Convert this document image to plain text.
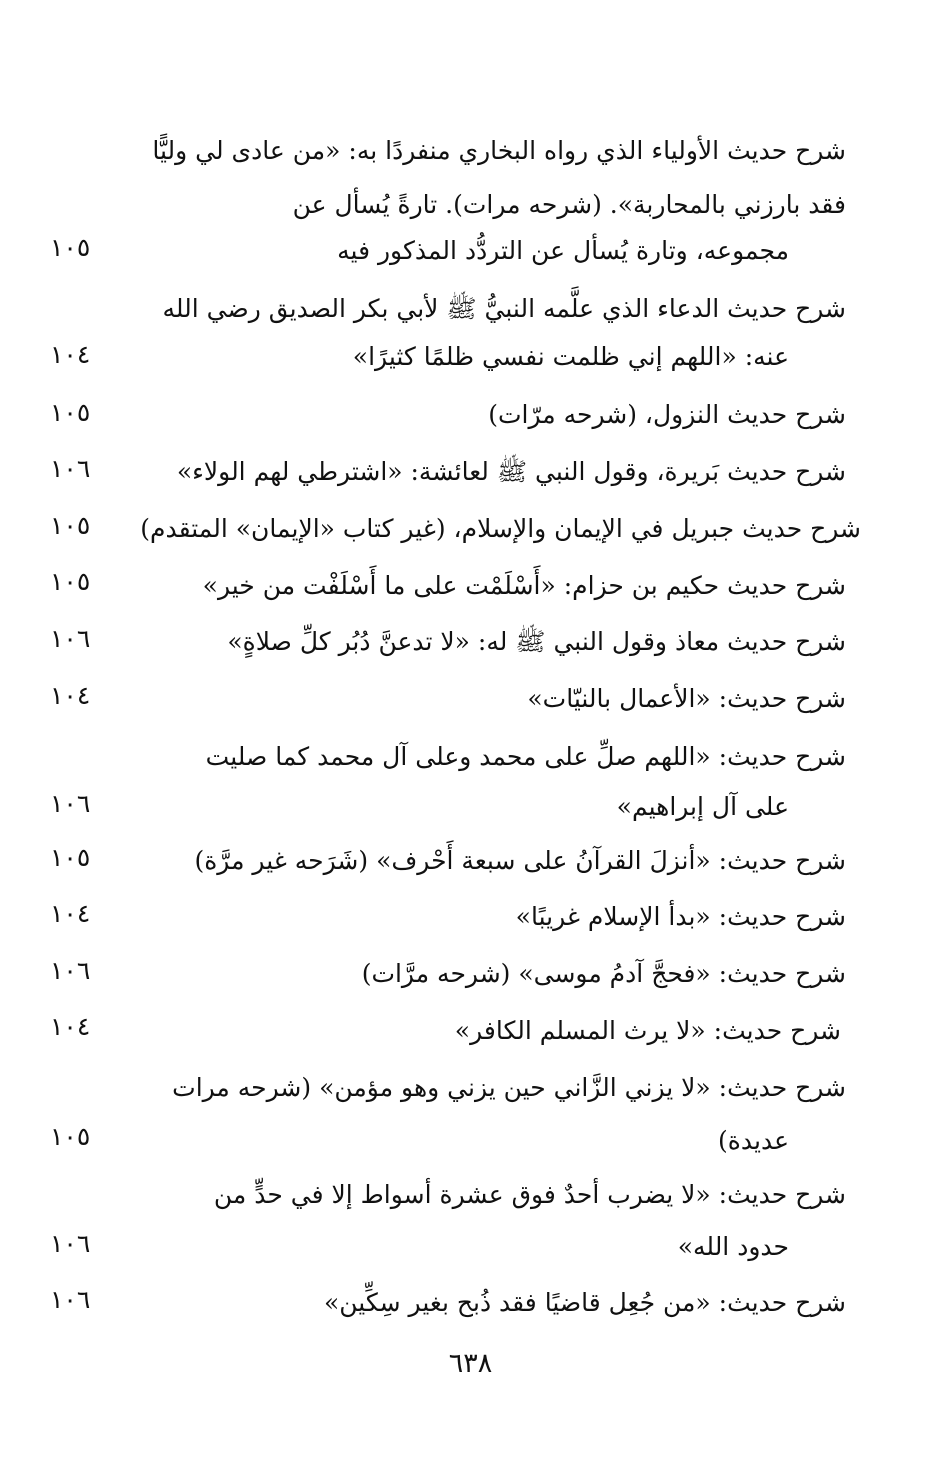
شرح حديث الأولياء الذي رواه البخاري منفردًا به: «من عادى لي وليًّا
فقد بارزني بالمحاربة». (شرحه مرات). تارةً يُسأل عن
مجموعه، وتارة يُسأل عن التردُّد المذكور فيه
١٠٥
شرح حديث الدعاء الذي علَّمه النبيُّ ﷺ لأبي بكر الصديق رضي الله
عنه: «اللهم إني ظلمت نفسي ظلمًا كثيرًا»
١٠٤
شرح حديث النزول، (شرحه مرّات)
١٠٥
شرح حديث بَريرة، وقول النبي ﷺ لعائشة: «اشترطي لهم الولاء»
١٠٦
شرح حديث جبريل في الإيمان والإسلام، (غير كتاب «الإيمان» المتقدم)
١٠٥
شرح حديث حكيم بن حزام: «أَسْلَمْت على ما أَسْلَفْت من خير»
١٠٥
شرح حديث معاذ وقول النبي ﷺ له: «لا تدعنَّ دُبُر كلِّ صلاةٍ»
١٠٦
شرح حديث: «الأعمال بالنيّات»
١٠٤
شرح حديث: «اللهم صلِّ على محمد وعلى آل محمد كما صليت
على آل إبراهيم»
١٠٦
شرح حديث: «أنزلَ القرآنُ على سبعة أَحْرف» (شَرَحه غير مرَّة)
١٠٥
شرح حديث: «بدأ الإسلام غريبًا»
١٠٤
شرح حديث: «فحجَّ آدمُ موسى» (شرحه مرَّات)
١٠٦
شرح حديث: «لا يرث المسلم الكافر»
١٠٤
شرح حديث: «لا يزني الزَّاني حين يزني وهو مؤمن» (شرحه مرات
عديدة)
١٠٥
شرح حديث: «لا يضرب أحدٌ فوق عشرة أسواط إلا في حدٍّ من
حدود الله»
١٠٦
شرح حديث: «من جُعِل قاضيًا فقد ذُبح بغير سِكِّين»
١٠٦
٦٣٨
